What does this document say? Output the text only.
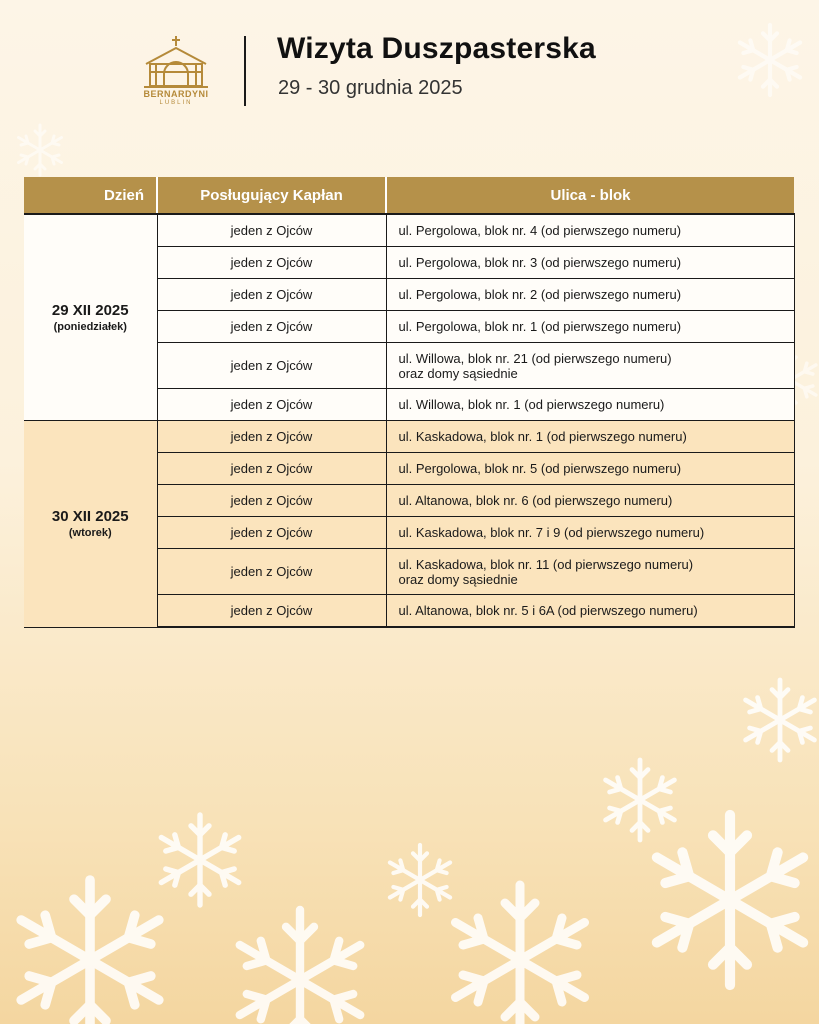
BERNARDYNI
LUBLIN
Wizyta Duszpasterska
29 - 30 grudnia 2025
Dzień	Posługujący Kapłan	Ulica - blok

29 XII 2025
(poniedziałek)	jeden z Ojców	ul. Pergolowa, blok nr. 4 (od pierwszego numeru)
	jeden z Ojców	ul. Pergolowa, blok nr. 3 (od pierwszego numeru)
	jeden z Ojców	ul. Pergolowa, blok nr. 2 (od pierwszego numeru)
	jeden z Ojców	ul. Pergolowa, blok nr. 1 (od pierwszego numeru)
	jeden z Ojców	ul. Willowa, blok nr. 21 (od pierwszego numeru)
oraz domy sąsiednie
	jeden z Ojców	ul. Willowa, blok nr. 1 (od pierwszego numeru)

30 XII 2025
(wtorek)	jeden z Ojców	ul. Kaskadowa, blok nr. 1 (od pierwszego numeru)
	jeden z Ojców	ul. Pergolowa, blok nr. 5 (od pierwszego numeru)
	jeden z Ojców	ul. Altanowa, blok nr. 6 (od pierwszego numeru)
	jeden z Ojców	ul. Kaskadowa, blok nr. 7 i 9 (od pierwszego numeru)
	jeden z Ojców	ul. Kaskadowa, blok nr. 11 (od pierwszego numeru)
oraz domy sąsiednie
	jeden z Ojców	ul. Altanowa, blok nr. 5 i 6A (od pierwszego numeru)
